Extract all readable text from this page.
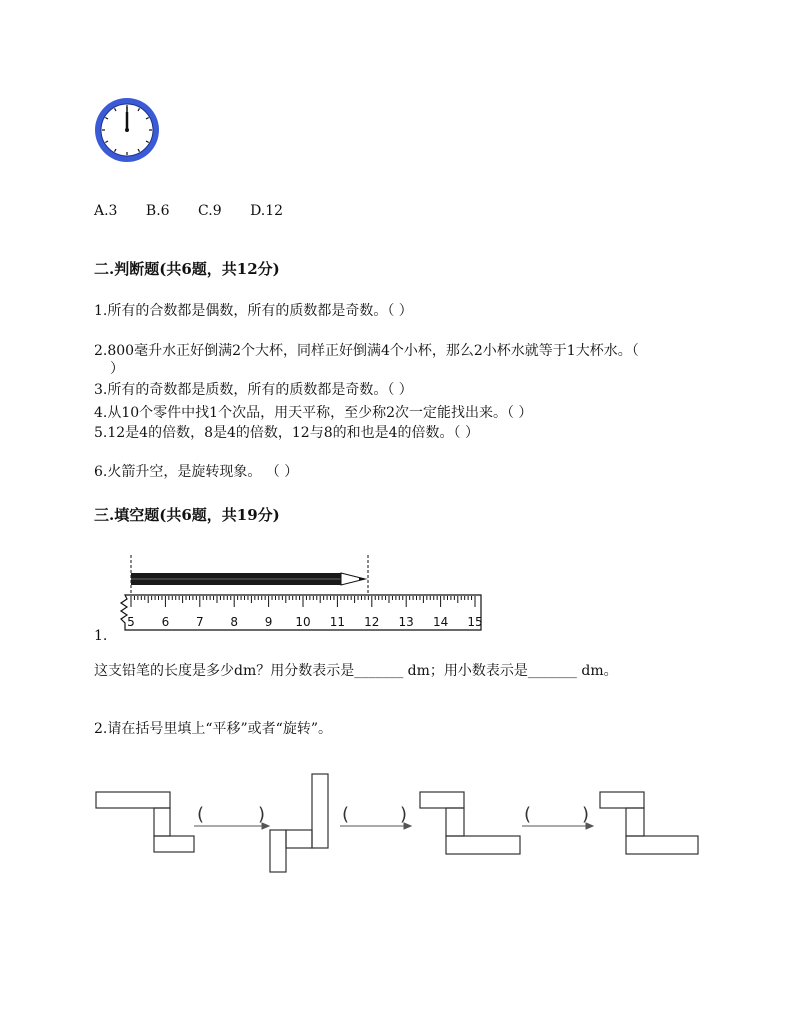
A.3 B.6 C.9 D.12
二.判断题(共6题，共12分)
1.所有的合数都是偶数，所有的质数都是奇数。（ ）
2.800毫升水正好倒满2个大杯，同样正好倒满4个小杯，那么2小杯水就等于1大杯水。（
）
3.所有的奇数都是质数，所有的质数都是奇数。（ ）
4.从10个零件中找1个次品，用天平称，至少称2次一定能找出来。（ ）
5.12是4的倍数，8是4的倍数，12与8的和也是4的倍数。（ ）
6.火箭升空，是旋转现象。 （ ）
三.填空题(共6题，共19分)
5 6 7 8 9 10 11 12 13 14 15
1.
这支铅笔的长度是多少dm？用分数表示是_______ dm；用小数表示是_______ dm。
2.请在括号里填上“平移”或者“旋转”。
(	)	(	)	(	)
